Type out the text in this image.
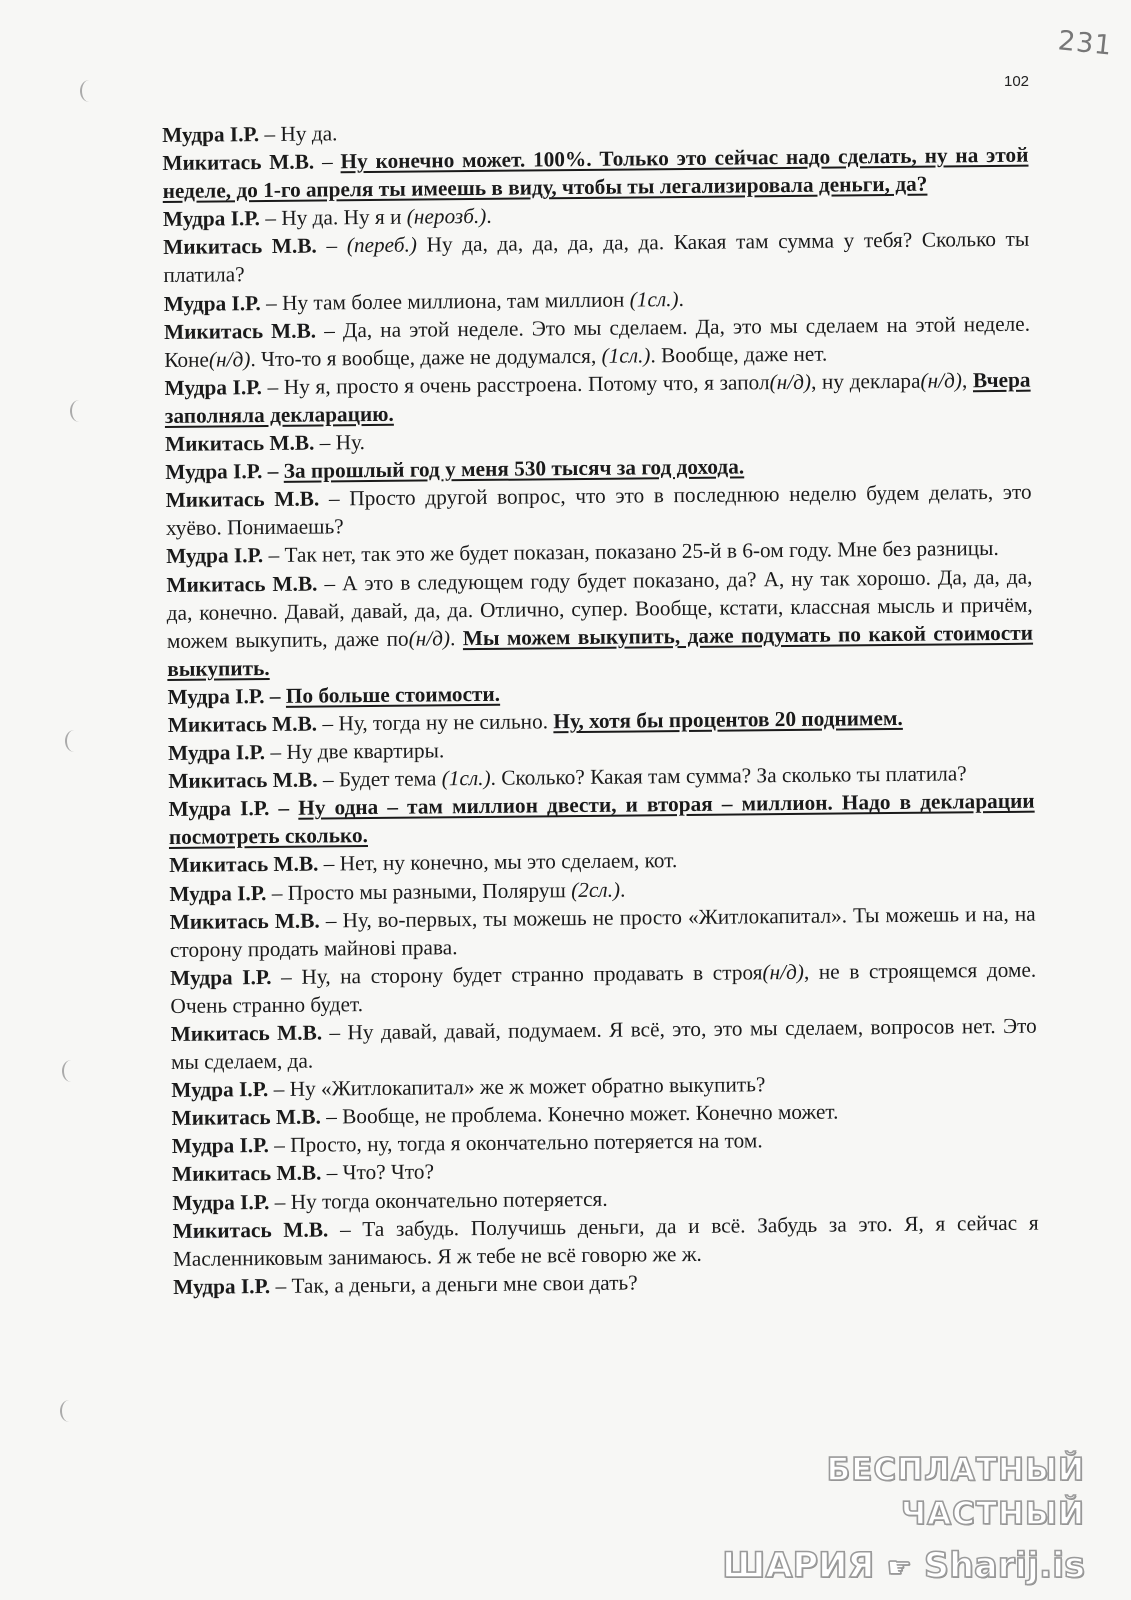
231
102

Мудра І.Р. – Ну да.

Микитась М.В. – Ну конечно может. 100%. Только это сейчас надо сделать, ну на этой неделе, до 1-го апреля ты имеешь в виду, чтобы ты легализировала деньги, да?

Мудра І.Р. – Ну да. Ну я и (нерозб.).

Микитась М.В. – (переб.) Ну да, да, да, да, да, да. Какая там сумма у тебя? Сколько ты платила?

Мудра І.Р. – Ну там более миллиона, там миллион (1сл.).

Микитась М.В. – Да, на этой неделе. Это мы сделаем. Да, это мы сделаем на этой неделе. Коне(н/д). Что-то я вообще, даже не додумался, (1сл.). Вообще, даже нет.

Мудра І.Р. – Ну я, просто я очень расстроена. Потому что, я запол(н/д), ну деклара(н/д), Вчера заполняла декларацию.

Микитась М.В. – Ну.

Мудра І.Р. – За прошлый год у меня 530 тысяч за год дохода.

Микитась М.В. – Просто другой вопрос, что это в последнюю неделю будем делать, это хуёво. Понимаешь?

Мудра І.Р. – Так нет, так это же будет показан, показано 25-й в 6-ом году. Мне без разницы.

Микитась М.В. – А это в следующем году будет показано, да? А, ну так хорошо. Да, да, да, да, конечно. Давай, давай, да, да. Отлично, супер. Вообще, кстати, классная мысль и причём, можем выкупить, даже по(н/д). Мы можем выкупить, даже подумать по какой стоимости выкупить.

Мудра І.Р. – По больше стоимости.

Микитась М.В. – Ну, тогда ну не сильно. Ну, хотя бы процентов 20 поднимем.

Мудра І.Р. – Ну две квартиры.

Микитась М.В. – Будет тема (1сл.). Сколько? Какая там сумма? За сколько ты платила?

Мудра І.Р. – Ну одна – там миллион двести, и вторая – миллион. Надо в декларации посмотреть сколько.

Микитась М.В. – Нет, ну конечно, мы это сделаем, кот.

Мудра І.Р. – Просто мы разными, Поляруш (2сл.).

Микитась М.В. – Ну, во-первых, ты можешь не просто «Житлокапитал». Ты можешь и на, на сторону продать майнові права.

Мудра І.Р. – Ну, на сторону будет странно продавать в строя(н/д), не в строящемся доме. Очень странно будет.

Микитась М.В. – Ну давай, давай, подумаем. Я всё, это, это мы сделаем, вопросов нет. Это мы сделаем, да.

Мудра І.Р. – Ну «Житлокапитал» же ж может обратно выкупить?

Микитась М.В. – Вообще, не проблема. Конечно может. Конечно может.

Мудра І.Р. – Просто, ну, тогда я окончательно потеряется на том.

Микитась М.В. – Что? Что?

Мудра І.Р. – Ну тогда окончательно потеряется.

Микитась М.В. – Та забудь. Получишь деньги, да и всё. Забудь за это. Я, я сейчас я Масленниковым занимаюсь. Я ж тебе не всё говорю же ж.

Мудра І.Р. – Так, а деньги, а деньги мне свои дать?

БЕСПЛАТНЫЙ ЧАСТНЫЙ
ШАРИЯ ☛ Sharij.is
